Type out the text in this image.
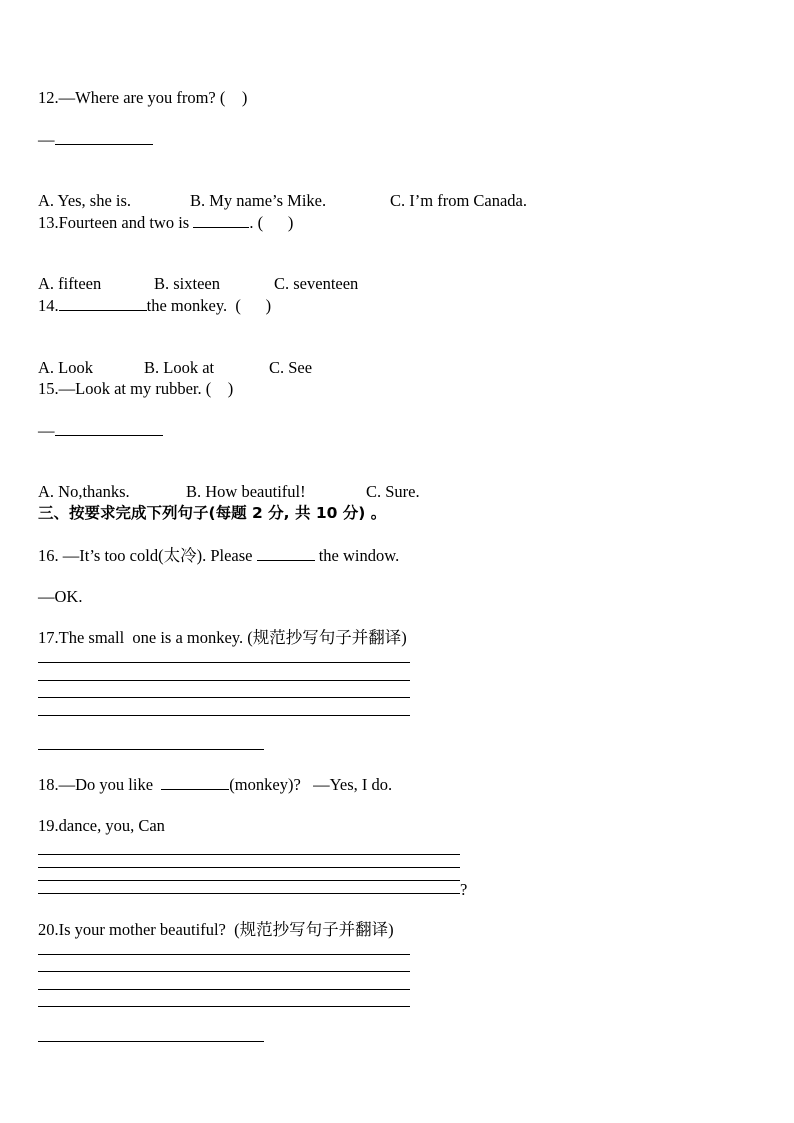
12.—Where are you from? (    )
—

A. Yes, she is.	B. My name’s Mike.	C. I’m from Canada.

13.Fourteen and two is	. (      )

A. fifteen	B. sixteen	C. seventeen

14.	the monkey.  (      )

A. Look	B. Look at	C. See

15.—Look at my rubber. (    )
—

A. No,thanks.	B. How beautiful!	C. Sure.

三、按要求完成下列句子(每题 2 分, 共 10 分) 。
16. —It’s too cold(太冷). Please	the window.
—OK.
17.The small  one is a monkey. (规范抄写句子并翻译)
18.—Do you like	(monkey)?   —Yes, I do.
19.dance, you, Can
?
20.Is your mother beautiful?  (规范抄写句子并翻译)
